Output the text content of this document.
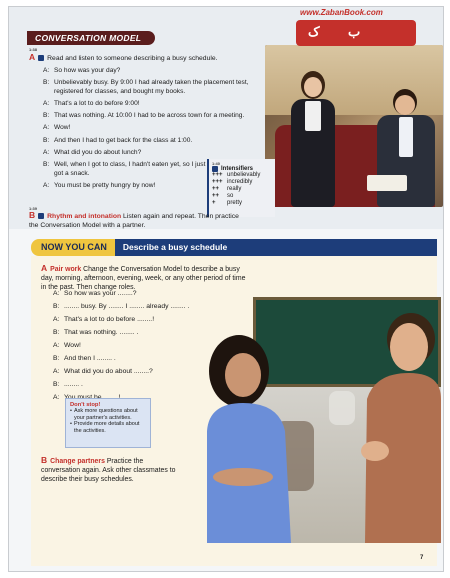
CONVERSATION MODEL
1:38
A Read and listen to someone describing a busy schedule.
A: So how was your day?
B: Unbelievably busy. By 9:00 I had already taken the placement test, registered for classes, and bought my books.
A: That's a lot to do before 9:00!
B: That was nothing. At 10:00 I had to be across town for a meeting.
A: Wow!
B: And then I had to get back for the class at 1:00.
A: What did you do about lunch?
B: Well, when I got to class, I hadn't eaten yet, so I just got a snack.
A: You must be pretty hungry by now!
1:40
Intensifiers
+++ unbelievably
+++ incredibly
++	really
++	so
+	pretty
1:39
B Rhythm and intonation Listen again and repeat. Then practice the Conversation Model with a partner.
NOW YOU CAN	Describe a busy schedule
A Pair work Change the Conversation Model to describe a busy day, morning, afternoon, evening, week, or any other period of time in the past. Then change roles.
A: So how was your ........?
B: ........ busy. By ........ I ........ already ........ .
A: That's a lot to do before ........!
B: That was nothing. ........ .
A: Wow!
B: And then I ........ .
A: What did you do about ........?
B: ........ .
A:
Don't stop!
• Ask more questions about your partner's activities.
• Provide more details about the activities.
B Change partners Practice the conversation again. Ask other classmates to describe their busy schedules.
7
www.ZabanBook.com
ک ب
